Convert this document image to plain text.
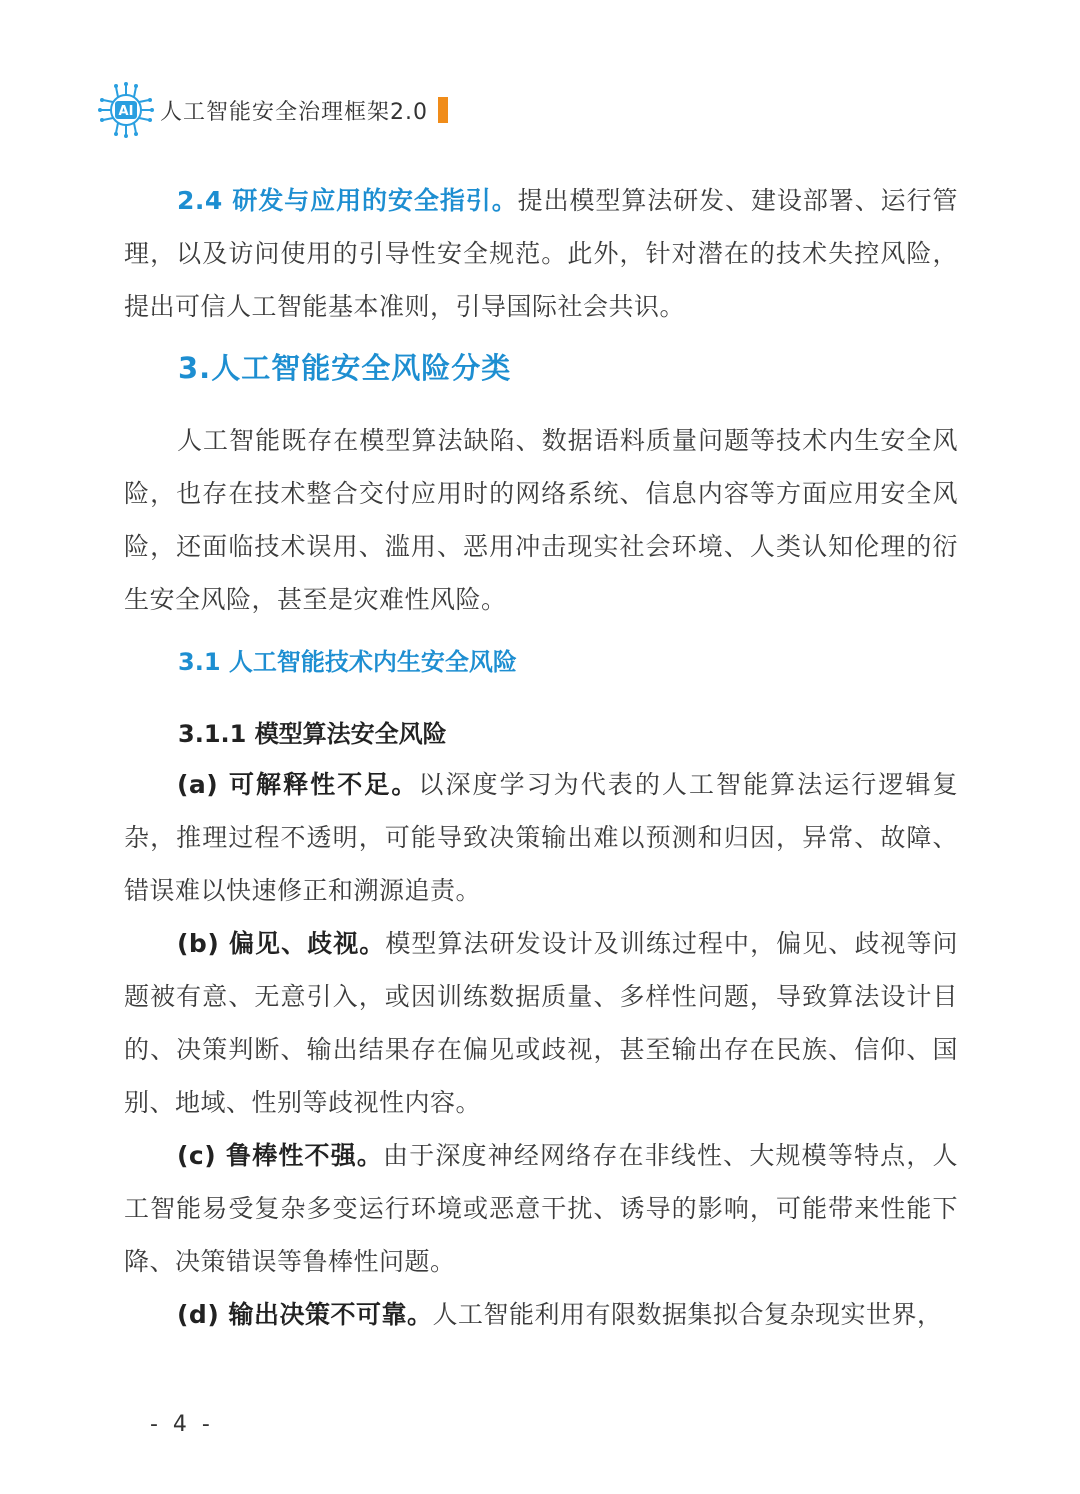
AI 人工智能安全治理框架2.0
2.4 研发与应用的安全指引。提出模型算法研发、建设部署、运行管理，以及访问使用的引导性安全规范。此外，针对潜在的技术失控风险，提出可信人工智能基本准则，引导国际社会共识。
3.人工智能安全风险分类
人工智能既存在模型算法缺陷、数据语料质量问题等技术内生安全风险，也存在技术整合交付应用时的网络系统、信息内容等方面应用安全风险，还面临技术误用、滥用、恶用冲击现实社会环境、人类认知伦理的衍生安全风险，甚至是灾难性风险。
3.1 人工智能技术内生安全风险
3.1.1 模型算法安全风险
(a) 可解释性不足。以深度学习为代表的人工智能算法运行逻辑复杂，推理过程不透明，可能导致决策输出难以预测和归因，异常、故障、错误难以快速修正和溯源追责。
(b) 偏见、歧视。模型算法研发设计及训练过程中，偏见、歧视等问题被有意、无意引入，或因训练数据质量、多样性问题，导致算法设计目的、决策判断、输出结果存在偏见或歧视，甚至输出存在民族、信仰、国别、地域、性别等歧视性内容。
(c) 鲁棒性不强。由于深度神经网络存在非线性、大规模等特点，人工智能易受复杂多变运行环境或恶意干扰、诱导的影响，可能带来性能下降、决策错误等鲁棒性问题。
(d) 输出决策不可靠。人工智能利用有限数据集拟合复杂现实世界，
- 4 -
